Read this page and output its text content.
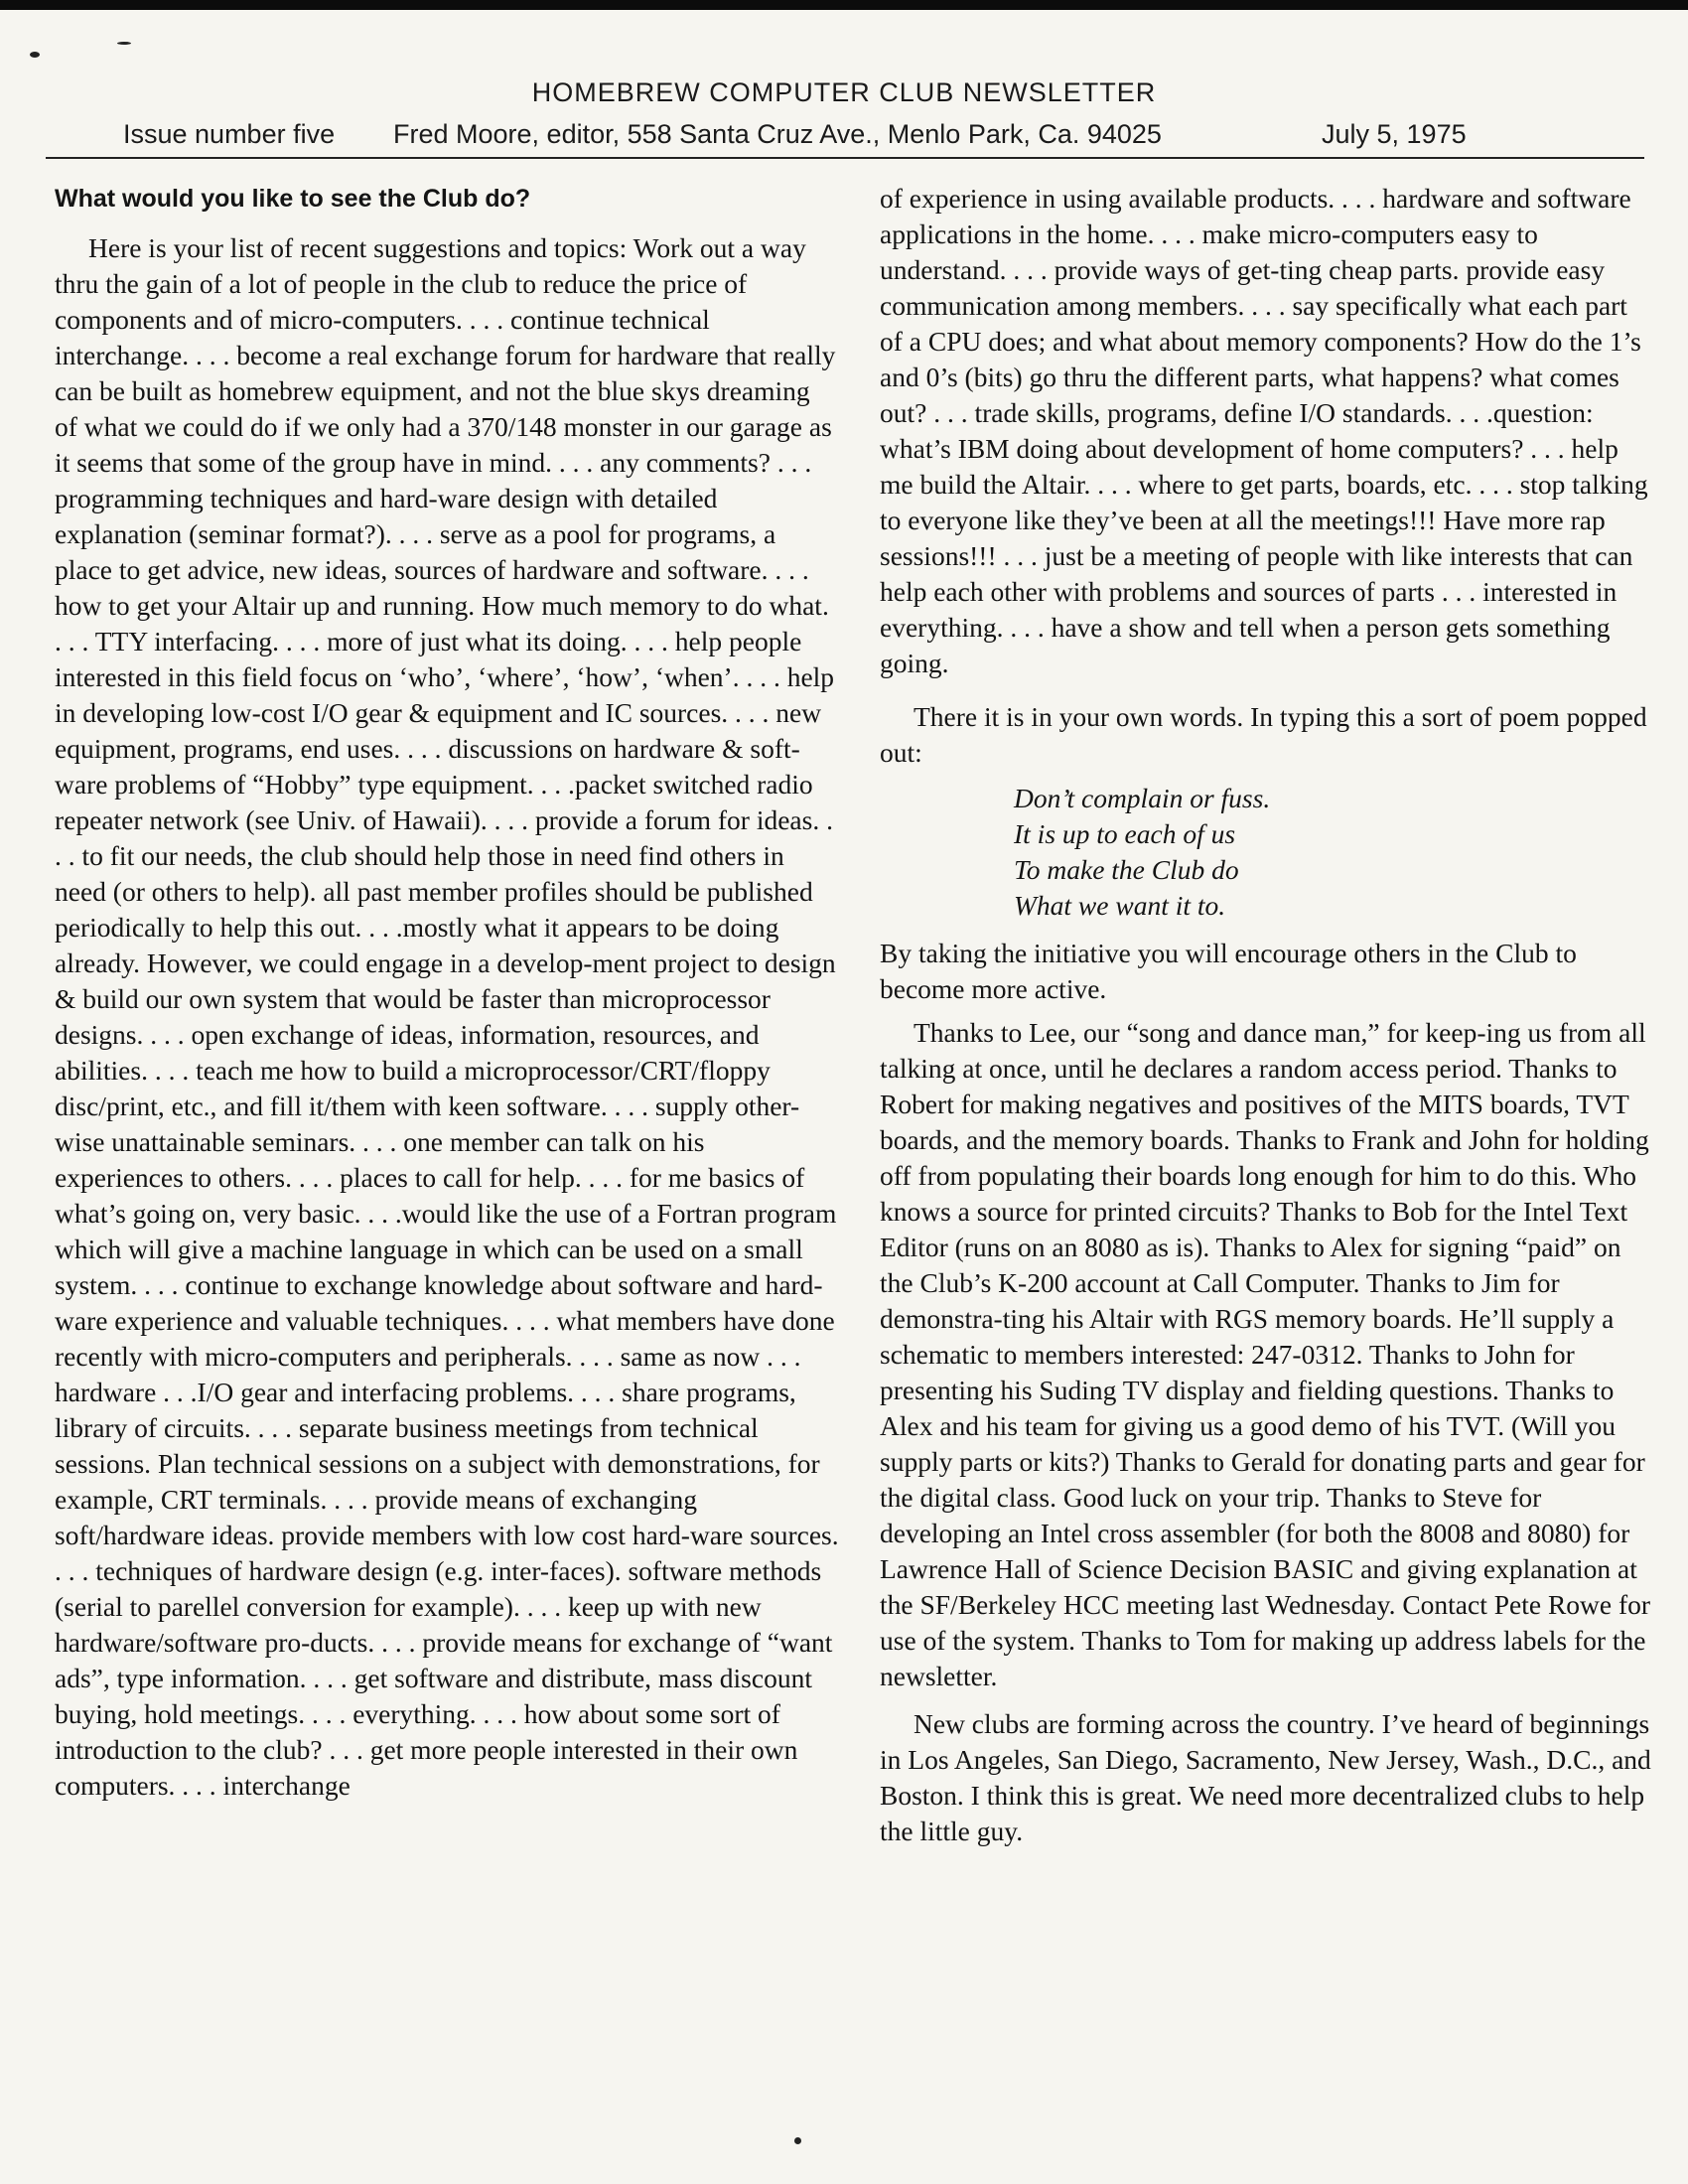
HOMEBREW COMPUTER CLUB NEWSLETTER
Issue number five Fred Moore, editor, 558 Santa Cruz Ave., Menlo Park, Ca. 94025	July 5, 1975
What would you like to see the Club do?

Here is your list of recent suggestions and topics: Work out a way thru the gain of a lot of people in the club to reduce the price of components and of micro-computers. . . . continue technical interchange. . . . become a real exchange forum for hardware that really can be built as homebrew equipment, and not the blue skys dreaming of what we could do if we only had a 370/148 monster in our garage as it seems that some of the group have in mind. . . . any comments? . . . programming techniques and hard-ware design with detailed explanation (seminar format?). . . . serve as a pool for programs, a place to get advice, new ideas, sources of hardware and software. . . . how to get your Altair up and running. How much memory to do what. . . . TTY interfacing. . . . more of just what its doing. . . . help people interested in this field focus on ‘who’, ‘where’, ‘how’, ‘when’. . . . help in developing low-cost I/O gear & equipment and IC sources. . . . new equipment, programs, end uses. . . . discussions on hardware & soft-ware problems of “Hobby” type equipment. . . .packet switched radio repeater network (see Univ. of Hawaii). . . . provide a forum for ideas. . . . to fit our needs, the club should help those in need find others in need (or others to help). all past member profiles should be published periodically to help this out. . . .mostly what it appears to be doing already. However, we could engage in a develop-ment project to design & build our own system that would be faster than microprocessor designs. . . . open exchange of ideas, information, resources, and abilities. . . . teach me how to build a microprocessor/CRT/floppy disc/print, etc., and fill it/them with keen software. . . . supply other-wise unattainable seminars. . . . one member can talk on his experiences to others. . . . places to call for help. . . . for me basics of what’s going on, very basic. . . .would like the use of a Fortran program which will give a machine language in which can be used on a small system. . . . continue to exchange knowledge about software and hard-ware experience and valuable techniques. . . . what members have done recently with micro-computers and peripherals. . . . same as now . . . hardware . . .I/O gear and interfacing problems. . . . share programs, library of circuits. . . . separate business meetings from technical sessions. Plan technical sessions on a subject with demonstrations, for example, CRT terminals. . . . provide means of exchanging soft/hardware ideas. provide members with low cost hard-ware sources. . . . techniques of hardware design (e.g. inter-faces). software methods (serial to parellel conversion for example). . . . keep up with new hardware/software pro-ducts. . . . provide means for exchange of “want ads”, type information. . . . get software and distribute, mass discount buying, hold meetings. . . . everything. . . . how about some sort of introduction to the club? . . . get more people interested in their own computers. . . . interchange

of experience in using available products. . . . hardware and software applications in the home. . . . make micro-computers easy to understand. . . . provide ways of get-ting cheap parts. provide easy communication among members. . . . say specifically what each part of a CPU does; and what about memory components? How do the 1’s and 0’s (bits) go thru the different parts, what happens? what comes out? . . . trade skills, programs, define I/O standards. . . .question: what’s IBM doing about development of home computers? . . . help me build the Altair. . . . where to get parts, boards, etc. . . . stop talking to everyone like they’ve been at all the meetings!!! Have more rap sessions!!! . . . just be a meeting of people with like interests that can help each other with problems and sources of parts . . . interested in everything. . . . have a show and tell when a person gets something going.

There it is in your own words. In typing this a sort of poem popped out:

Don’t complain or fuss.
It is up to each of us
To make the Club do
What we want it to.

By taking the initiative you will encourage others in the Club to become more active.

Thanks to Lee, our “song and dance man,” for keep-ing us from all talking at once, until he declares a random access period. Thanks to Robert for making negatives and positives of the MITS boards, TVT boards, and the memory boards. Thanks to Frank and John for holding off from populating their boards long enough for him to do this. Who knows a source for printed circuits? Thanks to Bob for the Intel Text Editor (runs on an 8080 as is). Thanks to Alex for signing “paid” on the Club’s K-200 account at Call Computer. Thanks to Jim for demonstra-ting his Altair with RGS memory boards. He’ll supply a schematic to members interested: 247-0312. Thanks to John for presenting his Suding TV display and fielding questions. Thanks to Alex and his team for giving us a good demo of his TVT. (Will you supply parts or kits?) Thanks to Gerald for donating parts and gear for the digital class. Good luck on your trip. Thanks to Steve for developing an Intel cross assembler (for both the 8008 and 8080) for Lawrence Hall of Science Decision BASIC and giving explanation at the SF/Berkeley HCC meeting last Wednesday. Contact Pete Rowe for use of the system. Thanks to Tom for making up address labels for the newsletter.

New clubs are forming across the country. I’ve heard of beginnings in Los Angeles, San Diego, Sacramento, New Jersey, Wash., D.C., and Boston. I think this is great. We need more decentralized clubs to help the little guy.
